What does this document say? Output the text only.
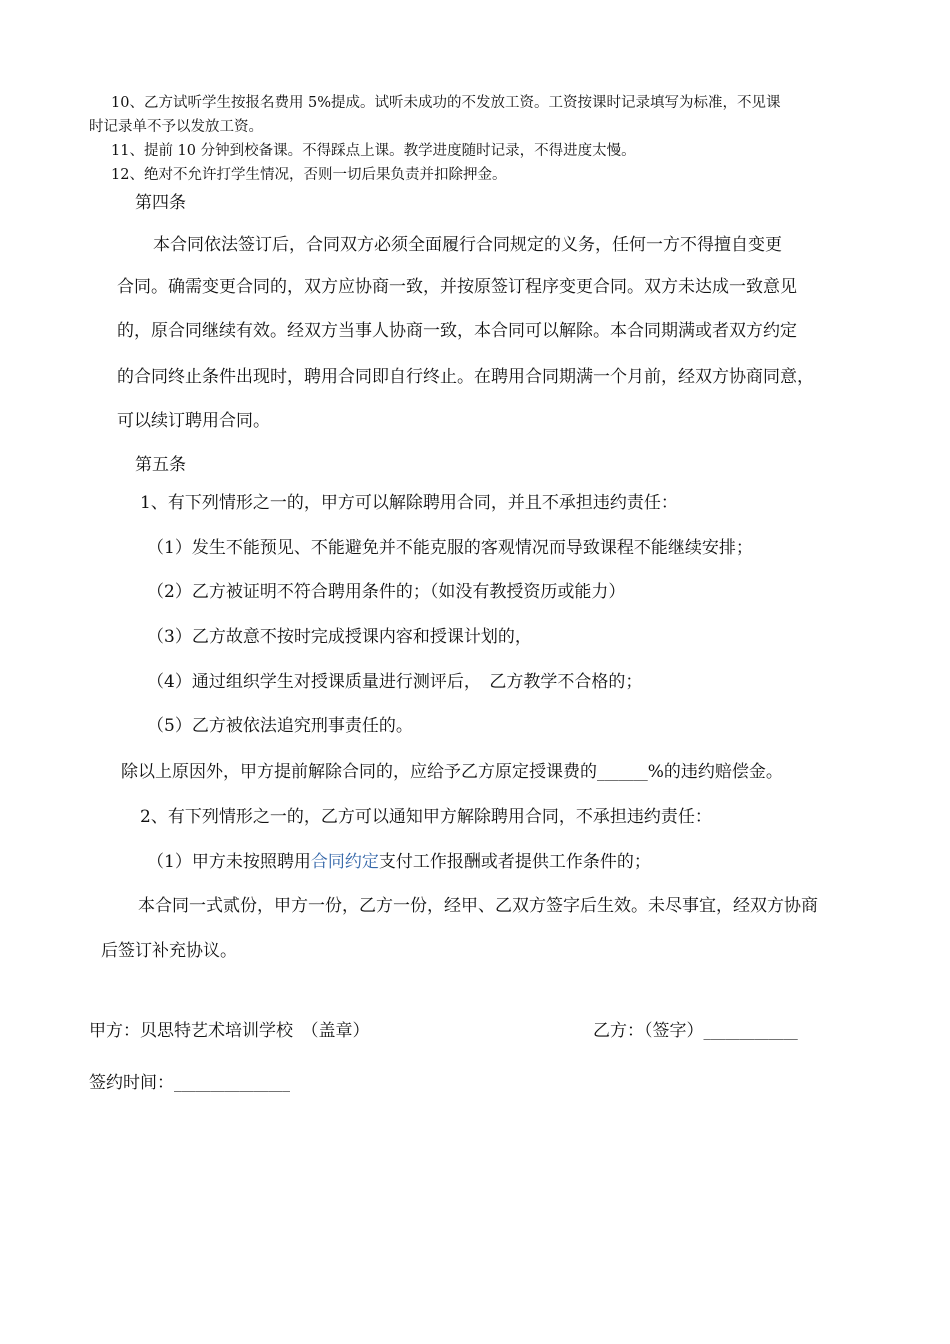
10、乙方试听学生按报名费用 5%提成。试听未成功的不发放工资。工资按课时记录填写为标准，不见课
时记录单不予以发放工资。
11、提前 10 分钟到校备课。不得踩点上课。教学进度随时记录，不得进度太慢。
12、绝对不允许打学生情况，否则一切后果负责并扣除押金。
第四条
本合同依法签订后，合同双方必须全面履行合同规定的义务，任何一方不得擅自变更
合同。确需变更合同的，双方应协商一致，并按原签订程序变更合同。双方未达成一致意见
的，原合同继续有效。经双方当事人协商一致，本合同可以解除。本合同期满或者双方约定
的合同终止条件出现时，聘用合同即自行终止。在聘用合同期满一个月前，经双方协商同意，
可以续订聘用合同。
第五条
1、有下列情形之一的，甲方可以解除聘用合同，并且不承担违约责任：
（1）发生不能预见、不能避免并不能克服的客观情况而导致课程不能继续安排；
（2）乙方被证明不符合聘用条件的；（如没有教授资历或能力）
（3）乙方故意不按时完成授课内容和授课计划的，
（4）通过组织学生对授课质量进行测评后，　乙方教学不合格的；
（5）乙方被依法追究刑事责任的。
除以上原因外，甲方提前解除合同的，应给予乙方原定授课费的_______%的违约赔偿金。
2、有下列情形之一的，乙方可以通知甲方解除聘用合同，不承担违约责任：
（1）甲方未按照聘用合同约定支付工作报酬或者提供工作条件的；
本合同一式贰份，甲方一份，乙方一份，经甲、乙双方签字后生效。未尽事宜，经双方协商
后签订补充协议。
甲方：贝思特艺术培训学校　（盖章）	乙方：（签字）_____________
签约时间：________________
